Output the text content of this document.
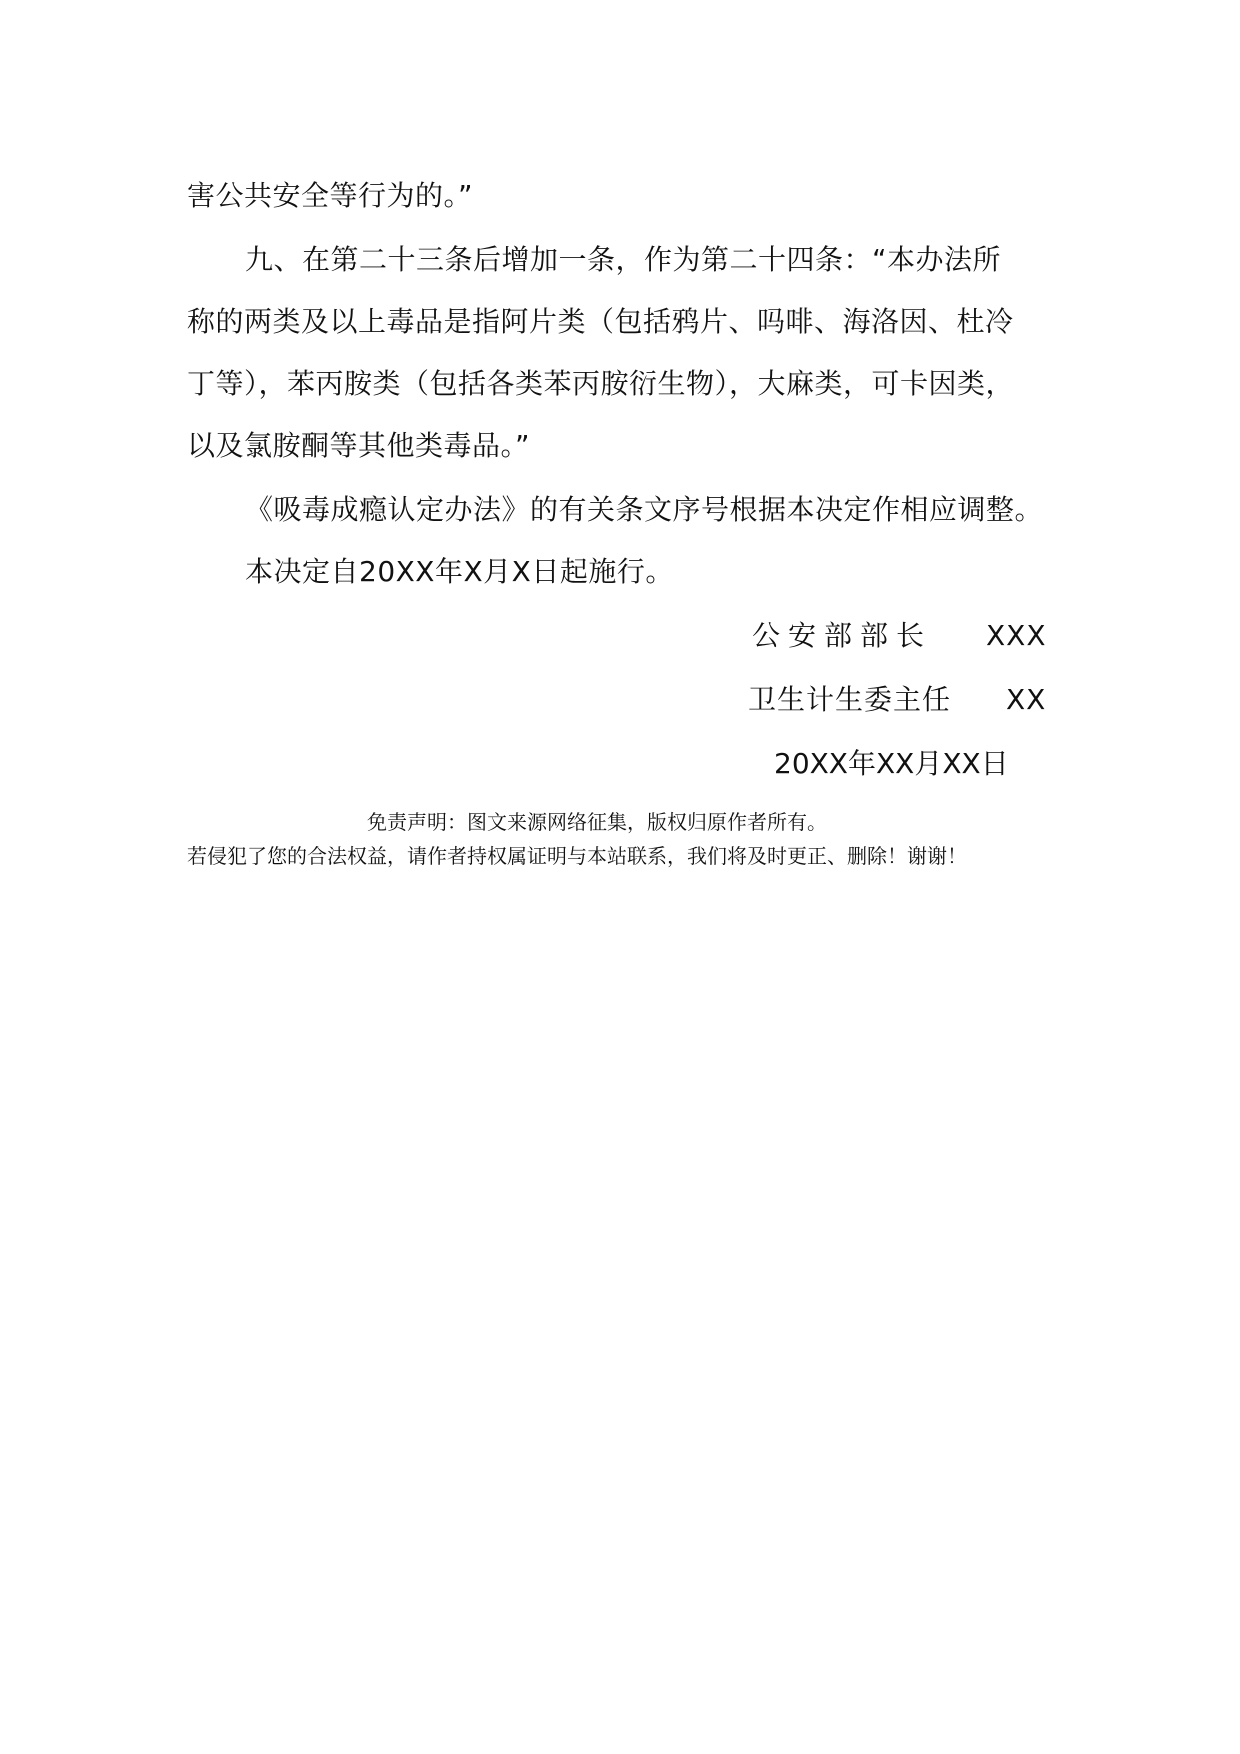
害公共安全等行为的。”
九、在第二十三条后增加一条，作为第二十四条：“本办法所
称的两类及以上毒品是指阿片类（包括鸦片、吗啡、海洛因、杜冷
丁等），苯丙胺类（包括各类苯丙胺衍生物），大麻类，可卡因类，
以及氯胺酮等其他类毒品。”
《吸毒成瘾认定办法》的有关条文序号根据本决定作相应调整。
本决定自20XX年X月X日起施行。
公安部部长 XXX
卫生计生委主任 XX
20XX年XX月XX日
免责声明：图文来源网络征集，版权归原作者所有。
若侵犯了您的合法权益，请作者持权属证明与本站联系，我们将及时更正、删除！谢谢！
